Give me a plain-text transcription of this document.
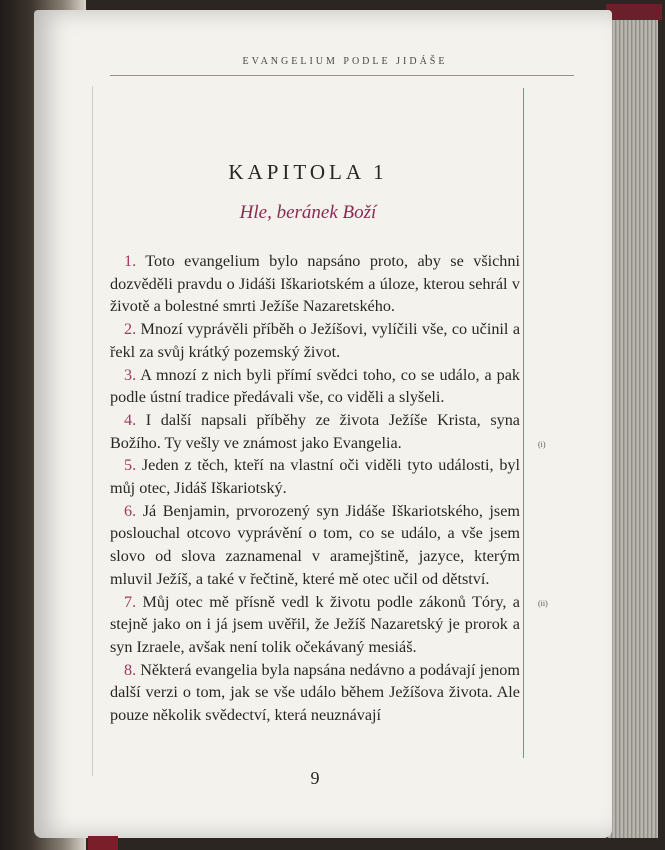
EVANGELIUM PODLE JIDÁŠE
KAPITOLA 1
Hle, beránek Boží

1. Toto evangelium bylo napsáno proto, aby se všichni dozvěděli pravdu o Jidáši Iškariotském a úloze, kterou sehrál v životě a bolestné smrti Ježíše Nazaretského.

2. Mnozí vyprávěli příběh o Ježíšovi, vylíčili vše, co učinil a řekl za svůj krátký pozemský život.

3. A mnozí z nich byli přímí svědci toho, co se událo, a pak podle ústní tradice předávali vše, co viděli a slyšeli.

4. I další napsali příběhy ze života Ježíše Krista, syna Božího. Ty vešly ve známost jako Evangelia.

5. Jeden z těch, kteří na vlastní oči viděli tyto události, byl můj otec, Jidáš Iškariotský.

6. Já Benjamin, prvorozený syn Jidáše Iškariotského, jsem poslouchal otcovo vyprávění o tom, co se událo, a vše jsem slovo od slova zaznamenal v aramejštině, jazyce, kterým mluvil Ježíš, a také v řečtině, které mě otec učil od dětství.

7. Můj otec mě přísně vedl k životu podle zákonů Tóry, a stejně jako on i já jsem uvěřil, že Ježíš Nazaretský je prorok a syn Izraele, avšak není tolik očekávaný mesiáš.

8. Některá evangelia byla napsána nedávno a podávají jenom další verzi o tom, jak se vše událo během Ježíšova života. Ale pouze několik svědectví, která neuznávají

(i)
(ii)
9
